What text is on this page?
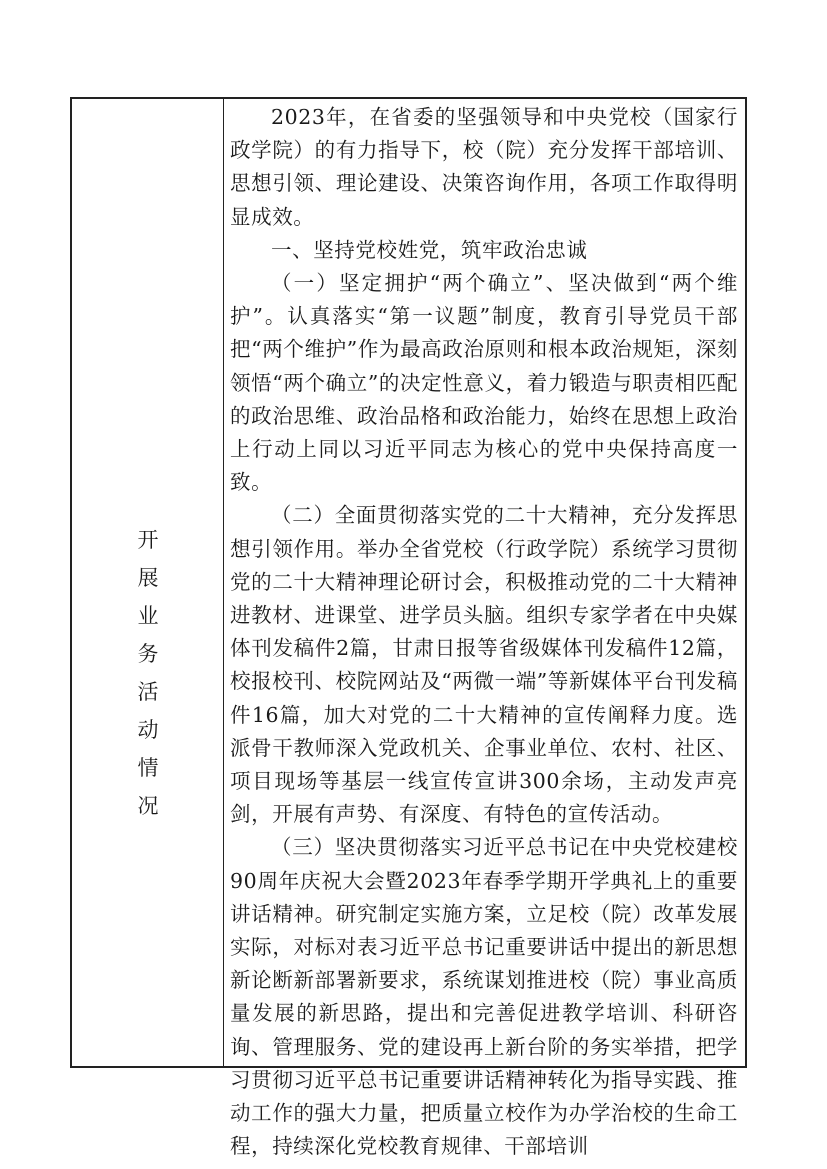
开展业务活动情况

2023年，在省委的坚强领导和中央党校（国家行政学院）的有力指导下，校（院）充分发挥干部培训、思想引领、理论建设、决策咨询作用，各项工作取得明显成效。

一、坚持党校姓党，筑牢政治忠诚

（一）坚定拥护“两个确立”、坚决做到“两个维护”。认真落实“第一议题”制度，教育引导党员干部把“两个维护”作为最高政治原则和根本政治规矩，深刻领悟“两个确立”的决定性意义，着力锻造与职责相匹配的政治思维、政治品格和政治能力，始终在思想上政治上行动上同以习近平同志为核心的党中央保持高度一致。

（二）全面贯彻落实党的二十大精神，充分发挥思想引领作用。举办全省党校（行政学院）系统学习贯彻党的二十大精神理论研讨会，积极推动党的二十大精神进教材、进课堂、进学员头脑。组织专家学者在中央媒体刊发稿件2篇，甘肃日报等省级媒体刊发稿件12篇，校报校刊、校院网站及“两微一端”等新媒体平台刊发稿件16篇，加大对党的二十大精神的宣传阐释力度。选派骨干教师深入党政机关、企事业单位、农村、社区、项目现场等基层一线宣传宣讲300余场，主动发声亮剑，开展有声势、有深度、有特色的宣传活动。

（三）坚决贯彻落实习近平总书记在中央党校建校90周年庆祝大会暨2023年春季学期开学典礼上的重要讲话精神。研究制定实施方案，立足校（院）改革发展实际，对标对表习近平总书记重要讲话中提出的新思想新论断新部署新要求，系统谋划推进校（院）事业高质量发展的新思路，提出和完善促进教学培训、科研咨询、管理服务、党的建设再上新台阶的务实举措，把学习贯彻习近平总书记重要讲话精神转化为指导实践、推动工作的强大力量，把质量立校作为办学治校的生命工程，持续深化党校教育规律、干部培训
